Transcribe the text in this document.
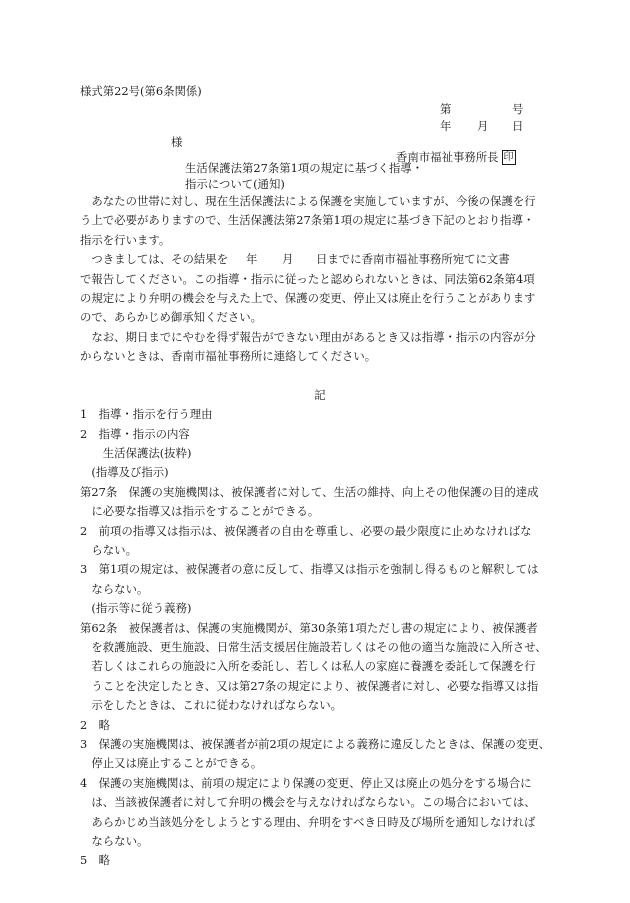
様式第22号(第6条関係)
第	号
年 月 日
様
香南市福祉事務所長 印
生活保護法第27条第1項の規定に基づく指導・
指示について(通知)
　あなたの世帯に対し、現在生活保護法による保護を実施していますが、今後の保護を行
う上で必要がありますので、生活保護法第27条第1項の規定に基づき下記のとおり指導・
指示を行います。
　つきましては、その結果を 年 月 日までに香南市福祉事務所宛てに文書
で報告してください。この指導・指示に従ったと認められないときは、同法第62条第4項
の規定により弁明の機会を与えた上で、保護の変更、停止又は廃止を行うことがあります
ので、あらかじめ御承知ください。
　なお、期日までにやむを得ず報告ができない理由があるとき又は指導・指示の内容が分
からないときは、香南市福祉事務所に連絡してください。
記
1　指導・指示を行う理由
2　指導・指示の内容
　　生活保護法(抜粋)
　(指導及び指示)
第27条　保護の実施機関は、被保護者に対して、生活の維持、向上その他保護の目的達成
　に必要な指導又は指示をすることができる。
2　前項の指導又は指示は、被保護者の自由を尊重し、必要の最少限度に止めなければな
　らない。
3　第1項の規定は、被保護者の意に反して、指導又は指示を強制し得るものと解釈しては
　ならない。
　(指示等に従う義務)
第62条　被保護者は、保護の実施機関が、第30条第1項ただし書の規定により、被保護者
　を救護施設、更生施設、日常生活支援居住施設若しくはその他の適当な施設に入所させ、
　若しくはこれらの施設に入所を委託し、若しくは私人の家庭に養護を委託して保護を行
　うことを決定したとき、又は第27条の規定により、被保護者に対し、必要な指導又は指
　示をしたときは、これに従わなければならない。
2　略
3　保護の実施機関は、被保護者が前2項の規定による義務に違反したときは、保護の変更、
　停止又は廃止することができる。
4　保護の実施機関は、前項の規定により保護の変更、停止又は廃止の処分をする場合に
　は、当該被保護者に対して弁明の機会を与えなければならない。この場合においては、
　あらかじめ当該処分をしようとする理由、弁明をすべき日時及び場所を通知しなければ
　ならない。
5　略
